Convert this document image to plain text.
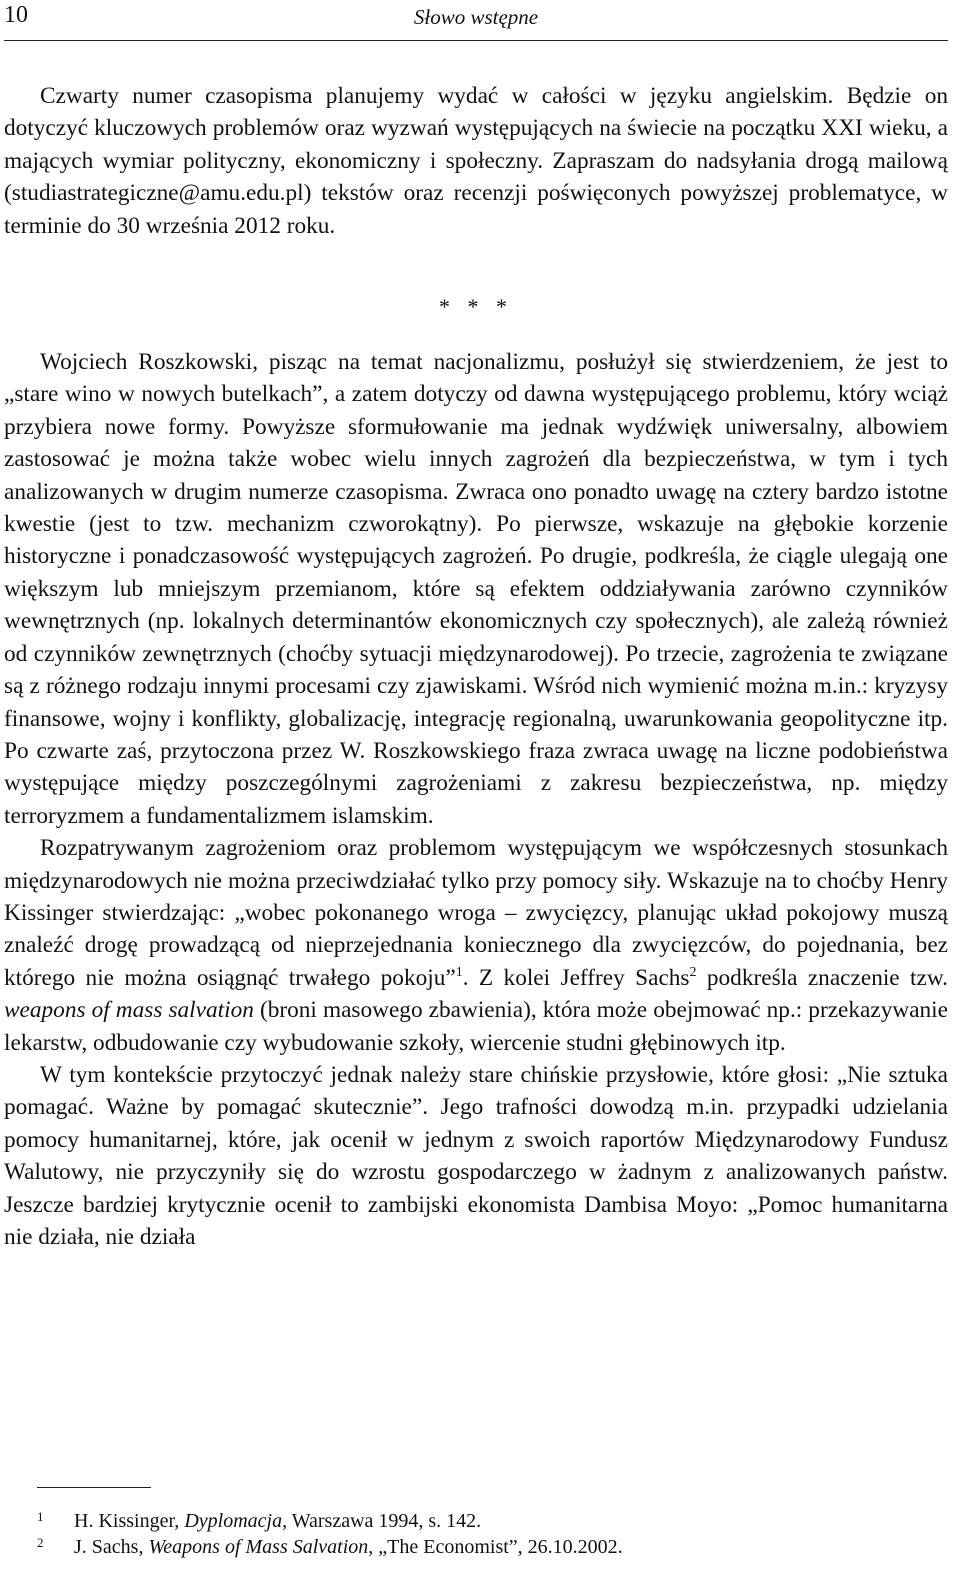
10	Słowo wstępne

Czwarty numer czasopisma planujemy wydać w całości w języku angielskim. Będzie on dotyczyć kluczowych problemów oraz wyzwań występujących na świecie na początku XXI wieku, a mających wymiar polityczny, ekonomiczny i społeczny. Zapraszam do nadsyłania drogą mailową (studiastrategiczne@amu.edu.pl) tekstów oraz recenzji poświęconych powyższej problematyce, w terminie do 30 września 2012 roku.

* * *

Wojciech Roszkowski, pisząc na temat nacjonalizmu, posłużył się stwierdzeniem, że jest to „stare wino w nowych butelkach”, a zatem dotyczy od dawna występującego problemu, który wciąż przybiera nowe formy. Powyższe sformułowanie ma jednak wydźwięk uniwersalny, albowiem zastosować je można także wobec wielu innych zagrożeń dla bezpieczeństwa, w tym i tych analizowanych w drugim numerze czasopisma. Zwraca ono ponadto uwagę na cztery bardzo istotne kwestie (jest to tzw. mechanizm czworokątny). Po pierwsze, wskazuje na głębokie korzenie historyczne i ponadczasowość występujących zagrożeń. Po drugie, podkreśla, że ciągle ulegają one większym lub mniejszym przemianom, które są efektem oddziaływania zarówno czynników wewnętrznych (np. lokalnych determinantów ekonomicznych czy społecznych), ale zależą również od czynników zewnętrznych (choćby sytuacji międzynarodowej). Po trzecie, zagrożenia te związane są z różnego rodzaju innymi procesami czy zjawiskami. Wśród nich wymienić można m.in.: kryzysy finansowe, wojny i konflikty, globalizację, integrację regionalną, uwarunkowania geopolityczne itp. Po czwarte zaś, przytoczona przez W. Roszkowskiego fraza zwraca uwagę na liczne podobieństwa występujące między poszczególnymi zagrożeniami z zakresu bezpieczeństwa, np. między terroryzmem a fundamentalizmem islamskim.

Rozpatrywanym zagrożeniom oraz problemom występującym we współczesnych stosunkach międzynarodowych nie można przeciwdziałać tylko przy pomocy siły. Wskazuje na to choćby Henry Kissinger stwierdzając: „wobec pokonanego wroga – zwycięzcy, planując układ pokojowy muszą znaleźć drogę prowadzącą od nieprzejednania koniecznego dla zwycięzców, do pojednania, bez którego nie można osiągnąć trwałego pokoju”$^1$. Z kolei Jeffrey Sachs$^2$ podkreśla znaczenie tzw. weapons of mass salvation (broni masowego zbawienia), która może obejmować np.: przekazywanie lekarstw, odbudowanie czy wybudowanie szkoły, wiercenie studni głębinowych itp.

W tym kontekście przytoczyć jednak należy stare chińskie przysłowie, które głosi: „Nie sztuka pomagać. Ważne by pomagać skutecznie”. Jego trafności dowodzą m.in. przypadki udzielania pomocy humanitarnej, które, jak ocenił w jednym z swoich raportów Międzynarodowy Fundusz Walutowy, nie przyczyniły się do wzrostu gospodarczego w żadnym z analizowanych państw. Jeszcze bardziej krytycznie ocenił to zambijski ekonomista Dambisa Moyo: „Pomoc humanitarna nie działa, nie działa

1	H. Kissinger, Dyplomacja, Warszawa 1994, s. 142.
2	J. Sachs, Weapons of Mass Salvation, „The Economist”, 26.10.2002.
